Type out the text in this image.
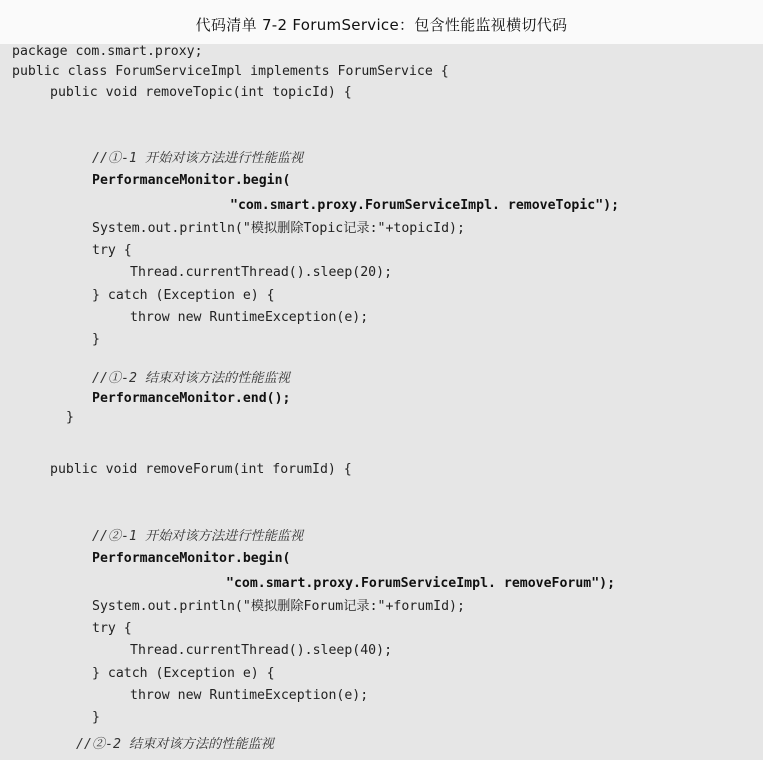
代码清单 7-2 ForumService：包含性能监视横切代码
package com.smart.proxy;
public class ForumServiceImpl implements ForumService {
public void removeTopic(int topicId) {
//①-1 开始对该方法进行性能监视
PerformanceMonitor.begin(
"com.smart.proxy.ForumServiceImpl. removeTopic");
System.out.println("模拟删除Topic记录:"+topicId);
try {
Thread.currentThread().sleep(20);
} catch (Exception e) {
throw new RuntimeException(e);
}
//①-2 结束对该方法的性能监视
PerformanceMonitor.end();
}
public void removeForum(int forumId) {
//②-1 开始对该方法进行性能监视
PerformanceMonitor.begin(
"com.smart.proxy.ForumServiceImpl. removeForum");
System.out.println("模拟删除Forum记录:"+forumId);
try {
Thread.currentThread().sleep(40);
} catch (Exception e) {
throw new RuntimeException(e);
}
//②-2 结束对该方法的性能监视
